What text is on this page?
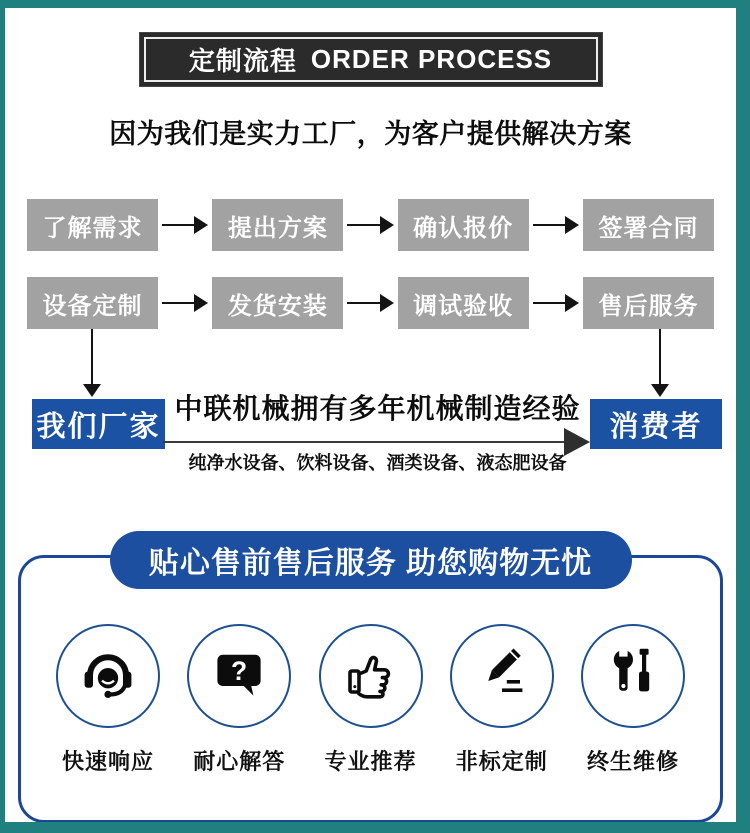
定制流程 ORDER PROCESS
因为我们是实力工厂，为客户提供解决方案
了解需求	提出方案	确认报价	签署合同
设备定制	发货安装	调试验收	售后服务
我们厂家
中联机械拥有多年机械制造经验
纯净水设备、饮料设备、酒类设备、液态肥设备
消费者
贴心售前售后服务 助您购物无忧
快速响应
?
耐心解答 专业推荐 非标定制 终生维修
